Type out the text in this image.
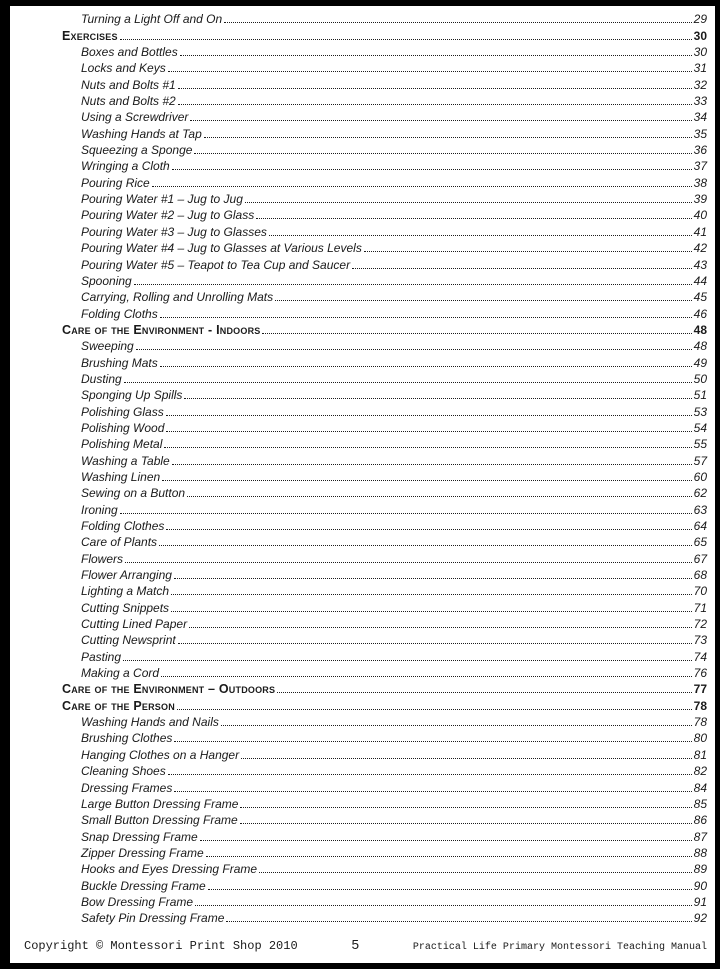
Turning a Light Off and On	29
Exercises	30
Boxes and Bottles	30
Locks and Keys	31
Nuts and Bolts #1	32
Nuts and Bolts #2	33
Using a Screwdriver	34
Washing Hands at Tap	35
Squeezing a Sponge	36
Wringing a Cloth	37
Pouring Rice	38
Pouring Water #1 – Jug to Jug	39
Pouring Water #2 – Jug to Glass	40
Pouring Water #3 – Jug to Glasses	41
Pouring Water #4 – Jug to Glasses at Various Levels	42
Pouring Water #5 – Teapot to Tea Cup and Saucer	43
Spooning	44
Carrying, Rolling and Unrolling Mats	45
Folding Cloths	46
Care of the Environment - Indoors	48
Sweeping	48
Brushing Mats	49
Dusting	50
Sponging Up Spills	51
Polishing Glass	53
Polishing Wood	54
Polishing Metal	55
Washing a Table	57
Washing Linen	60
Sewing on a Button	62
Ironing	63
Folding Clothes	64
Care of Plants	65
Flowers	67
Flower Arranging	68
Lighting a Match	70
Cutting Snippets	71
Cutting Lined Paper	72
Cutting Newsprint	73
Pasting	74
Making a Cord	76
Care of the Environment – Outdoors	77
Care of the Person	78
Washing Hands and Nails	78
Brushing Clothes	80
Hanging Clothes on a Hanger	81
Cleaning Shoes	82
Dressing Frames	84
Large Button Dressing Frame	85
Small Button Dressing Frame	86
Snap Dressing Frame	87
Zipper Dressing Frame	88
Hooks and Eyes Dressing Frame	89
Buckle Dressing Frame	90
Bow Dressing Frame	91
Safety Pin Dressing Frame	92
Copyright © Montessori Print Shop 2010	5	Practical Life Primary Montessori Teaching Manual
